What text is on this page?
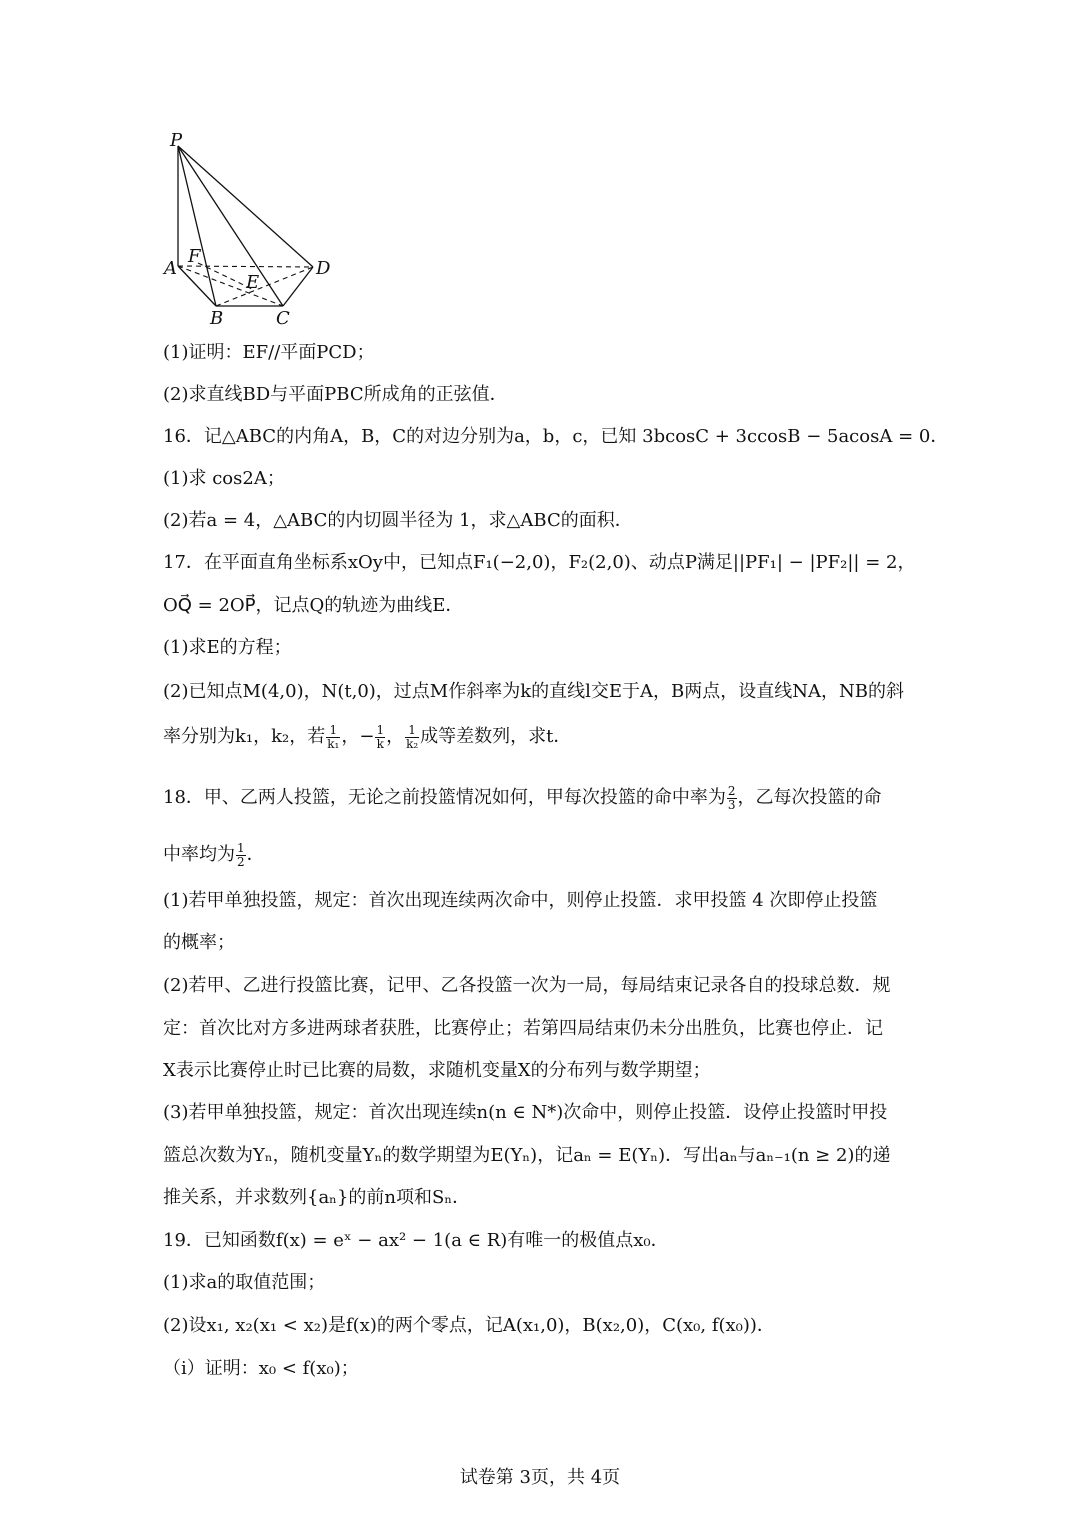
P
A
F
D
E
B	C
(1)证明：EF//平面PCD；
(2)求直线BD与平面PBC所成角的正弦值．
16．记△ABC的内角A，B，C的对边分别为a，b，c，已知 3bcosC + 3ccosB − 5acosA = 0．
(1)求 cos2A；
(2)若a = 4，△ABC的内切圆半径为 1，求△ABC的面积．
17．在平面直角坐标系xOy中，已知点F₁(−2,0)，F₂(2,0)、动点P满足||PF₁| − |PF₂|| = 2，
OQ⃗ = 2OP⃗，记点Q的轨迹为曲线E．
(1)求E的方程；
(2)已知点M(4,0)，N(t,0)，过点M作斜率为k的直线l交E于A，B两点，设直线NA，NB的斜
率分别为k₁，k₂，若 $\frac{1}{\text{k₁}}$ ，− $\frac{1}{k}$ ， $\frac{1}{\text{k₂}}$ 成等差数列，求t．
18．甲、乙两人投篮，无论之前投篮情况如何，甲每次投篮的命中率为 $\frac{2}{3}$ ，乙每次投篮的命
中率均为 $\frac{1}{2}$ ．
(1)若甲单独投篮，规定：首次出现连续两次命中，则停止投篮．求甲投篮 4 次即停止投篮
的概率；
(2)若甲、乙进行投篮比赛，记甲、乙各投篮一次为一局，每局结束记录各自的投球总数．规
定：首次比对方多进两球者获胜，比赛停止；若第四局结束仍未分出胜负，比赛也停止．记
X表示比赛停止时已比赛的局数，求随机变量X的分布列与数学期望；
(3)若甲单独投篮，规定：首次出现连续n(n ∈ N*)次命中，则停止投篮．设停止投篮时甲投
篮总次数为Yₙ，随机变量Yₙ的数学期望为E(Yₙ)，记aₙ = E(Yₙ)．写出aₙ与aₙ₋₁(n ≥ 2)的递
推关系，并求数列{aₙ}的前n项和Sₙ．
19．已知函数f(x) = eˣ − ax² − 1(a ∈ R)有唯一的极值点x₀．
(1)求a的取值范围；
(2)设x₁, x₂(x₁ < x₂)是f(x)的两个零点，记A(x₁,0)，B(x₂,0)，C(x₀, f(x₀))．
（i）证明：x₀ < f(x₀)；
试卷第 3页，共 4页
